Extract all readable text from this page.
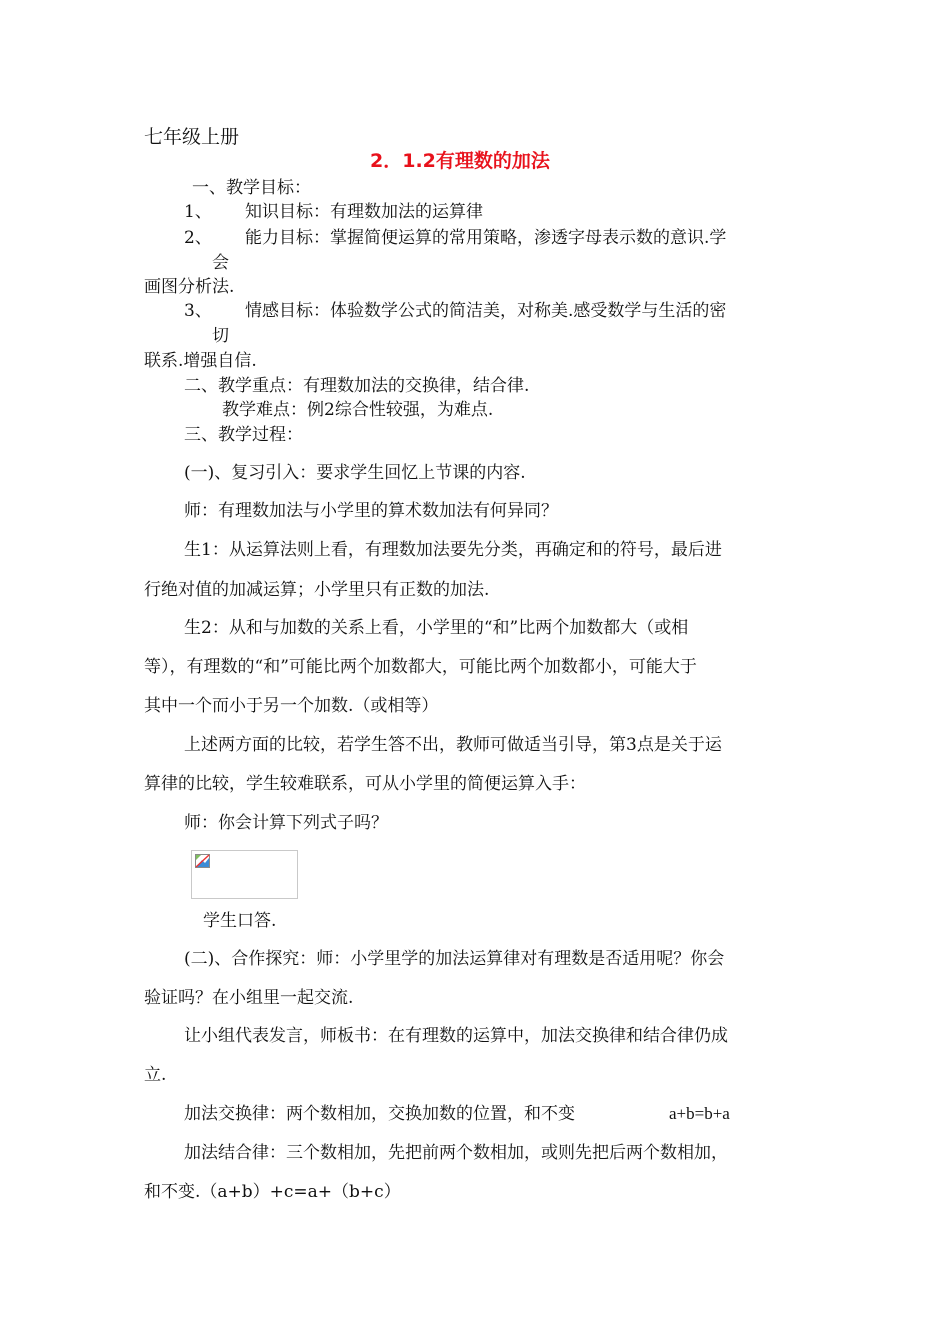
七年级上册
2．1.2有理数的加法
一、教学目标：
1、 知识目标：有理数加法的运算律
2、 能力目标：掌握简便运算的常用策略，渗透字母表示数的意识.学
会
画图分析法.
3、 情感目标：体验数学公式的简洁美，对称美.感受数学与生活的密
切
联系.增强自信.
二、教学重点：有理数加法的交换律，结合律.
教学难点：例2综合性较强，为难点.
三、教学过程：
(一)、复习引入：要求学生回忆上节课的内容.
师：有理数加法与小学里的算术数加法有何异同？
生1：从运算法则上看，有理数加法要先分类，再确定和的符号，最后进
行绝对值的加减运算；小学里只有正数的加法.
生2：从和与加数的关系上看，小学里的“和”比两个加数都大（或相
等），有理数的“和”可能比两个加数都大，可能比两个加数都小，可能大于
其中一个而小于另一个加数.（或相等）
上述两方面的比较，若学生答不出，教师可做适当引导，第3点是关于运
算律的比较，学生较难联系，可从小学里的简便运算入手：
师：你会计算下列式子吗？
学生口答.
(二)、合作探究：师：小学里学的加法运算律对有理数是否适用呢？你会
验证吗？在小组里一起交流.
让小组代表发言，师板书：在有理数的运算中，加法交换律和结合律仍成
立.
加法交换律：两个数相加，交换加数的位置，和不变	a+b=b+a
加法结合律：三个数相加，先把前两个数相加，或则先把后两个数相加，
和不变.（a+b）+c=a+（b+c）
